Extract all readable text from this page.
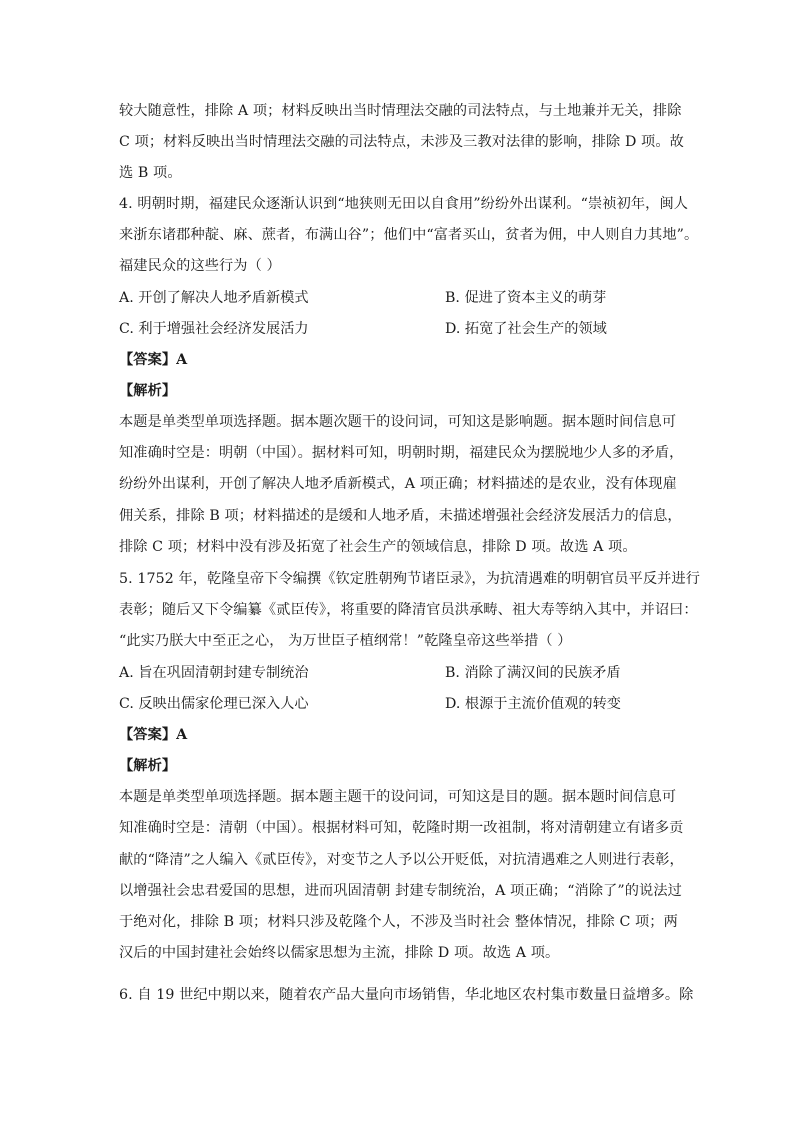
较大随意性，排除 A 项；材料反映出当时情理法交融的司法特点，与土地兼并无关，排除
C 项；材料反映出当时情理法交融的司法特点，未涉及三教对法律的影响，排除 D 项。故
选 B 项。
4. 明朝时期，福建民众逐渐认识到“地狭则无田以自食用”纷纷外出谋利。“崇祯初年，闽人
来浙东诸郡种靛、麻、蔗者，布满山谷”；他们中“富者买山，贫者为佣，中人则自力其地”。
福建民众的这些行为（ ）
A. 开创了解决人地矛盾新模式	B. 促进了资本主义的萌芽
C. 利于增强社会经济发展活力	D. 拓宽了社会生产的领域
【答案】A
【解析】
本题是单类型单项选择题。据本题次题干的设问词，可知这是影响题。据本题时间信息可
知准确时空是：明朝（中国）。据材料可知，明朝时期，福建民众为摆脱地少人多的矛盾，
纷纷外出谋利，开创了解决人地矛盾新模式，A 项正确；材料描述的是农业，没有体现雇
佣关系，排除 B 项；材料描述的是缓和人地矛盾，未描述增强社会经济发展活力的信息，
排除 C 项；材料中没有涉及拓宽了社会生产的领域信息，排除 D 项。故选 A 项。
5. 1752 年，乾隆皇帝下令编撰《钦定胜朝殉节诸臣录》，为抗清遇难的明朝官员平反并进行
表彰；随后又下令编纂《贰臣传》，将重要的降清官员洪承畴、祖大寿等纳入其中，并诏曰：
“此实乃朕大中至正之心， 为万世臣子植纲常！”乾隆皇帝这些举措（ ）
A. 旨在巩固清朝封建专制统治	B. 消除了满汉间的民族矛盾
C. 反映出儒家伦理已深入人心	D. 根源于主流价值观的转变
【答案】A
【解析】
本题是单类型单项选择题。据本题主题干的设问词，可知这是目的题。据本题时间信息可
知准确时空是：清朝（中国）。根据材料可知，乾隆时期一改祖制，将对清朝建立有诸多贡
献的“降清”之人编入《贰臣传》，对变节之人予以公开贬低，对抗清遇难之人则进行表彰，
以增强社会忠君爱国的思想，进而巩固清朝 封建专制统治，A 项正确；“消除了”的说法过
于绝对化，排除 B 项；材料只涉及乾隆个人，不涉及当时社会 整体情况，排除 C 项；两
汉后的中国封建社会始终以儒家思想为主流，排除 D 项。故选 A 项。
6. 自 19 世纪中期以来，随着农产品大量向市场销售，华北地区农村集市数量日益增多。除
